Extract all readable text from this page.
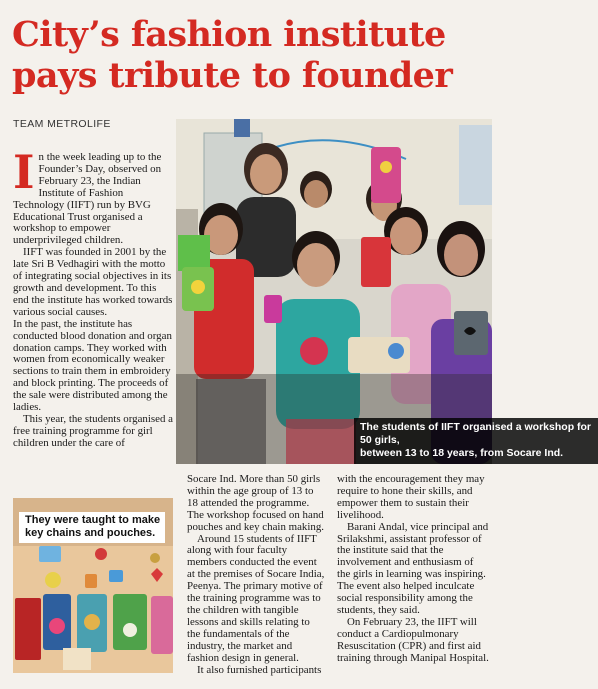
City’s fashion institute
pays tribute to founder
TEAM METROLIFE

In the week leading up to the Founder’s Day, observed on February 23, the Indian Institute of Fashion Technology (IIFT) run by BVG Educational Trust organised a workshop to empower underprivileged children.

IIFT was founded in 2001 by the late Sri B Vedhagiri with the motto of integrating social objectives in its growth and development. To this end the institute has worked towards various social causes.

In the past, the institute has conducted blood donation and organ donation camps. They worked with women from economically weaker sections to train them in embroidery and block printing. The proceeds of the sale were distributed among the ladies.

This year, the students organised a free training programme for girl children under the care of

The students of IIFT organised a workshop for 50 girls,
between 13 to 18 years, from Socare Ind.

Socare Ind. More than 50 girls within the age group of 13 to 18 attended the programme. The workshop focused on hand pouches and key chain making.

Around 15 students of IIFT along with four faculty members conducted the event at the premises of Socare India, Peenya. The primary motive of the training programme was to the children with tangible lessons and skills relating to the fundamentals of the industry, the market and fashion design in general.

It also furnished participants

with the encouragement they may require to hone their skills, and empower them to sustain their livelihood.

Barani Andal, vice principal and Srilakshmi, assistant professor of the institute said that the involvement and enthusiasm of the girls in learning was inspiring. The event also helped inculcate social responsibility among the students, they said.

On February 23, the IIFT will conduct a Cardiopulmonary Resuscitation (CPR) and first aid training through Manipal Hospital.

They were taught to make
key chains and pouches.
